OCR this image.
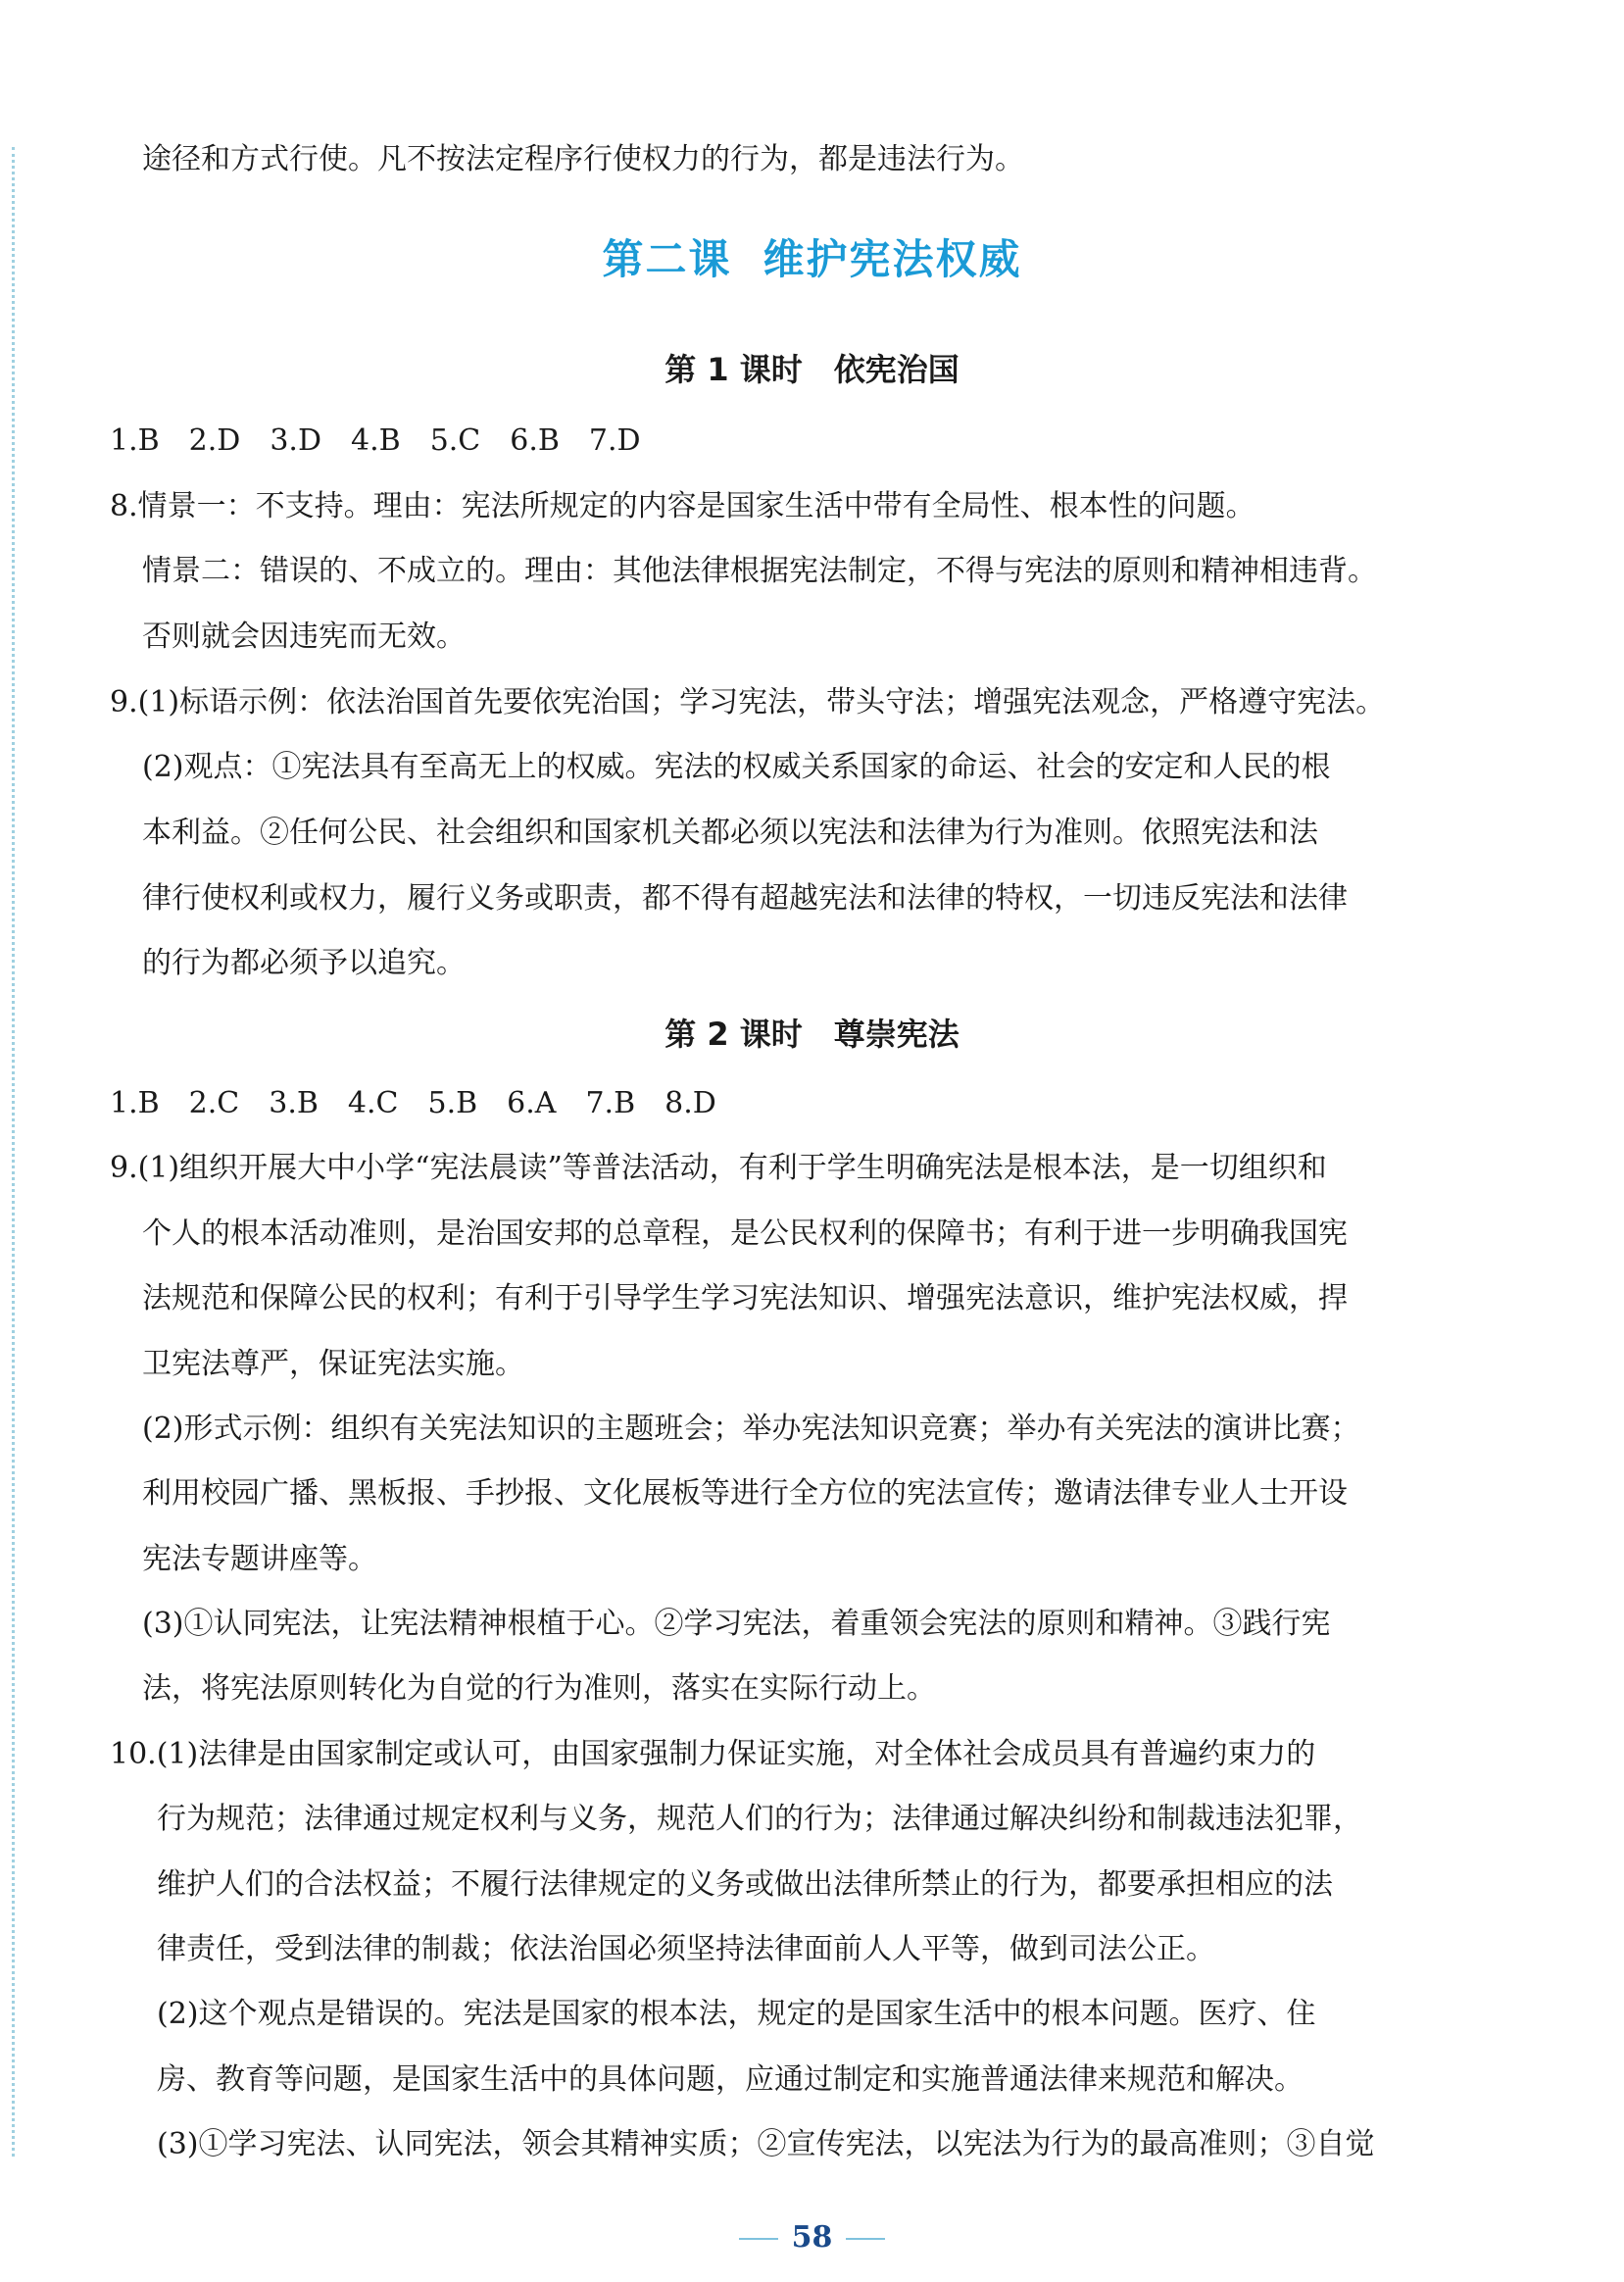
途径和方式行使。凡不按法定程序行使权力的行为，都是违法行为。
第二课 维护宪法权威
第 1 课时 依宪治国
1.B　2.D　3.D　4.B　5.C　6.B　7.D
8.情景一：不支持。理由：宪法所规定的内容是国家生活中带有全局性、根本性的问题。
情景二：错误的、不成立的。理由：其他法律根据宪法制定，不得与宪法的原则和精神相违背。
否则就会因违宪而无效。
9.(1)标语示例：依法治国首先要依宪治国；学习宪法，带头守法；增强宪法观念，严格遵守宪法。
(2)观点：①宪法具有至高无上的权威。宪法的权威关系国家的命运、社会的安定和人民的根
本利益。②任何公民、社会组织和国家机关都必须以宪法和法律为行为准则。依照宪法和法
律行使权利或权力，履行义务或职责，都不得有超越宪法和法律的特权，一切违反宪法和法律
的行为都必须予以追究。
第 2 课时 尊崇宪法
1.B　2.C　3.B　4.C　5.B　6.A　7.B　8.D
9.(1)组织开展大中小学“宪法晨读”等普法活动，有利于学生明确宪法是根本法，是一切组织和
个人的根本活动准则，是治国安邦的总章程，是公民权利的保障书；有利于进一步明确我国宪
法规范和保障公民的权利；有利于引导学生学习宪法知识、增强宪法意识，维护宪法权威，捍
卫宪法尊严，保证宪法实施。
(2)形式示例：组织有关宪法知识的主题班会；举办宪法知识竞赛；举办有关宪法的演讲比赛；
利用校园广播、黑板报、手抄报、文化展板等进行全方位的宪法宣传；邀请法律专业人士开设
宪法专题讲座等。
(3)①认同宪法，让宪法精神根植于心。②学习宪法，着重领会宪法的原则和精神。③践行宪
法，将宪法原则转化为自觉的行为准则，落实在实际行动上。
10.(1)法律是由国家制定或认可，由国家强制力保证实施，对全体社会成员具有普遍约束力的
行为规范；法律通过规定权利与义务，规范人们的行为；法律通过解决纠纷和制裁违法犯罪，
维护人们的合法权益；不履行法律规定的义务或做出法律所禁止的行为，都要承担相应的法
律责任，受到法律的制裁；依法治国必须坚持法律面前人人平等，做到司法公正。
(2)这个观点是错误的。宪法是国家的根本法，规定的是国家生活中的根本问题。医疗、住
房、教育等问题，是国家生活中的具体问题，应通过制定和实施普通法律来规范和解决。
(3)①学习宪法、认同宪法，领会其精神实质；②宣传宪法，以宪法为行为的最高准则；③自觉
58
